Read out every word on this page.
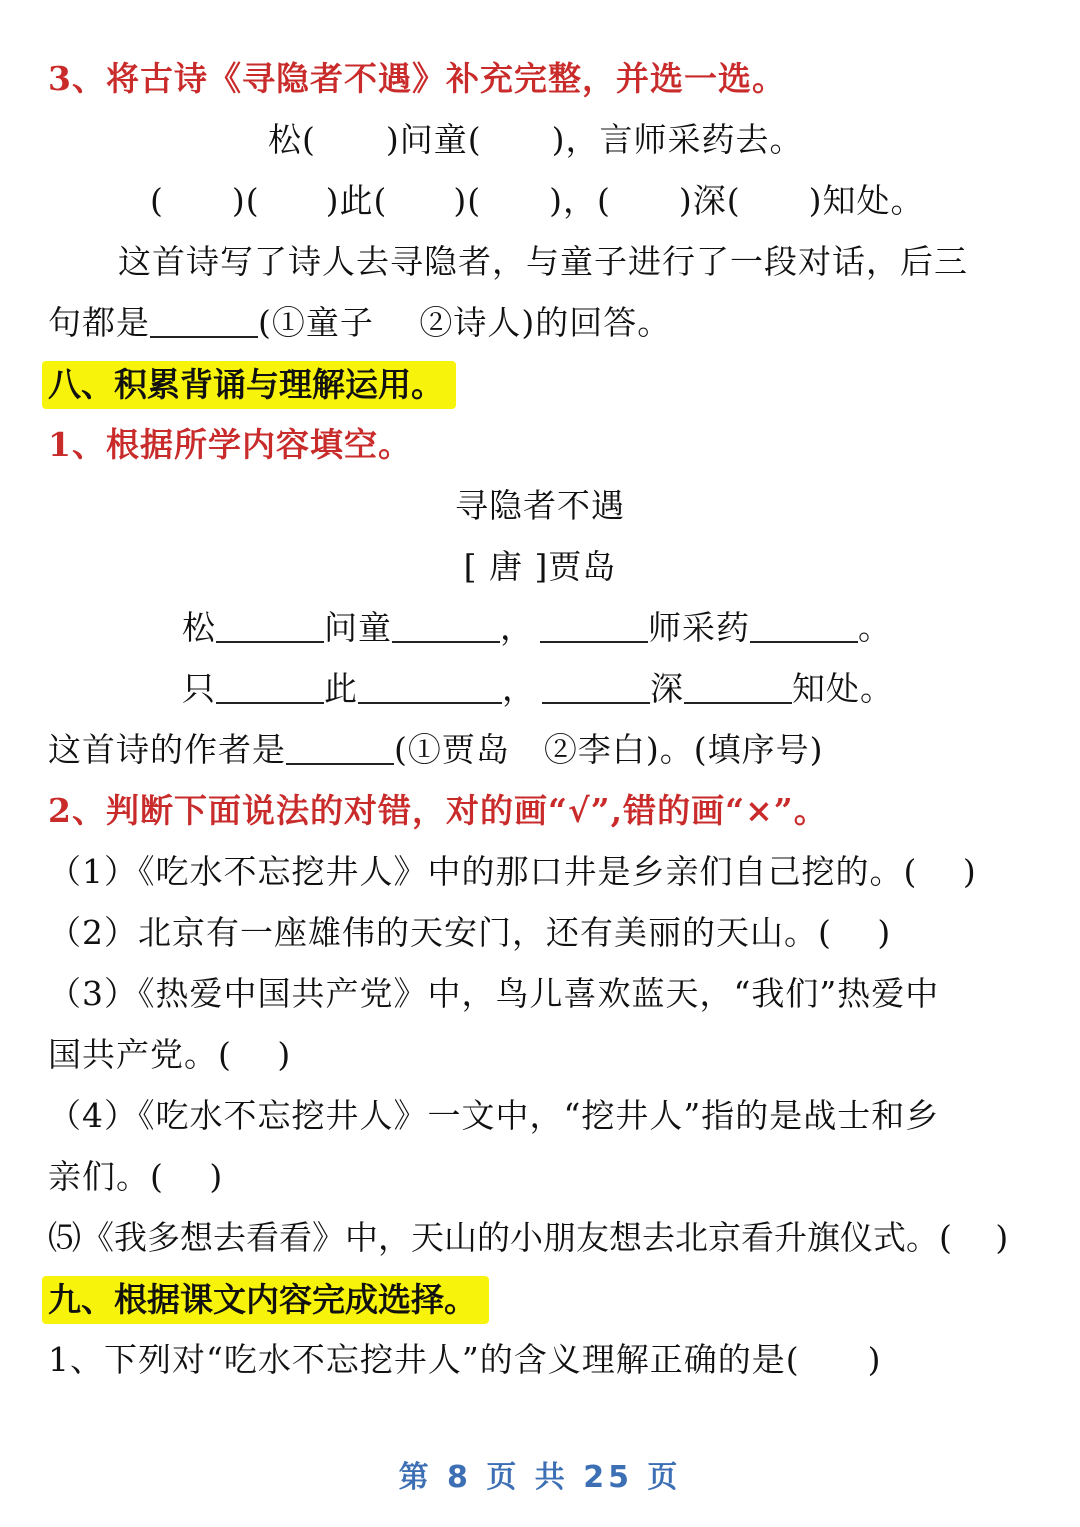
3、将古诗《寻隐者不遇》补充完整，并选一选。
松( )问童( )，言师采药去。
( )( )此( )( )，( )深( )知处。
这首诗写了诗人去寻隐者，与童子进行了一段对话，后三
句都是	(①童子　 ②诗人)的回答。
八、积累背诵与理解运用。
1、根据所学内容填空。
寻隐者不遇
[ 唐 ]贾岛
松	问童	，	师采药	。
只	此	，	深	知处。
这首诗的作者是	(①贾岛　②李白)。(填序号)
2、判断下面说法的对错，对的画“√”,错的画“×”。
（1）《吃水不忘挖井人》中的那口井是乡亲们自己挖的。(　 )
（2）北京有一座雄伟的天安门，还有美丽的天山。(　 )
（3）《热爱中国共产党》中，鸟儿喜欢蓝天，“我们”热爱中
国共产党。(　 )
（4）《吃水不忘挖井人》一文中，“挖井人”指的是战士和乡
亲们。(　 )
⑸《我多想去看看》中，天山的小朋友想去北京看升旗仪式。(　 )
九、根据课文内容完成选择。
1、下列对“吃水不忘挖井人”的含义理解正确的是(　　)
第 8 页 共 25 页
